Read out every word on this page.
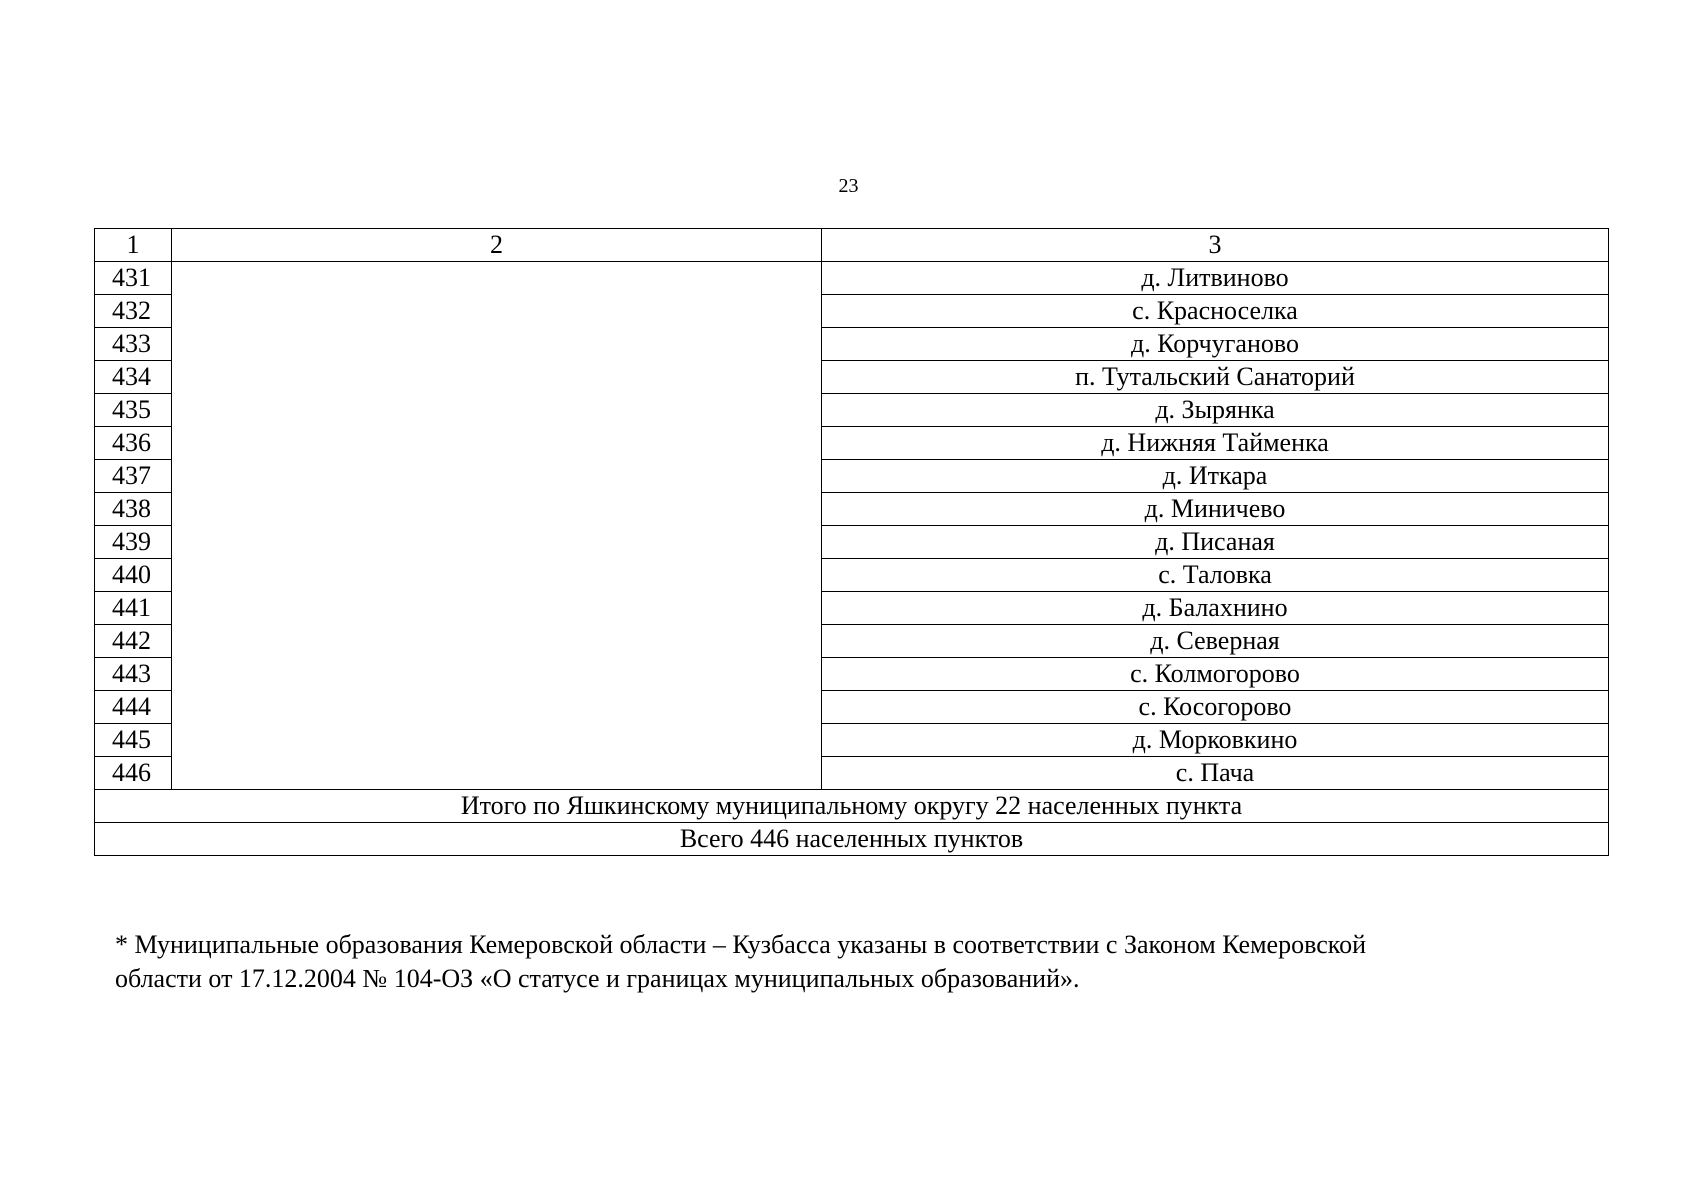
23
1	2	3
431		д. Литвиново
432		с. Красноселка
433		д. Корчуганово
434		п. Тутальский Санаторий
435		д. Зырянка
436		д. Нижняя Тайменка
437		д. Иткара
438		д. Миничево
439		д. Писаная
440		с. Таловка
441		д. Балахнино
442		д. Северная
443		с. Колмогорово
444		с. Косогорово
445		д. Морковкино
446		с. Пача
Итого по Яшкинскому муниципальному округу 22 населенных пункта		
Всего 446 населенных пунктов		
* Муниципальные образования Кемеровской области – Кузбасса указаны в соответствии с Законом Кемеровской
области от 17.12.2004 № 104-ОЗ «О статусе и границах муниципальных образований».
